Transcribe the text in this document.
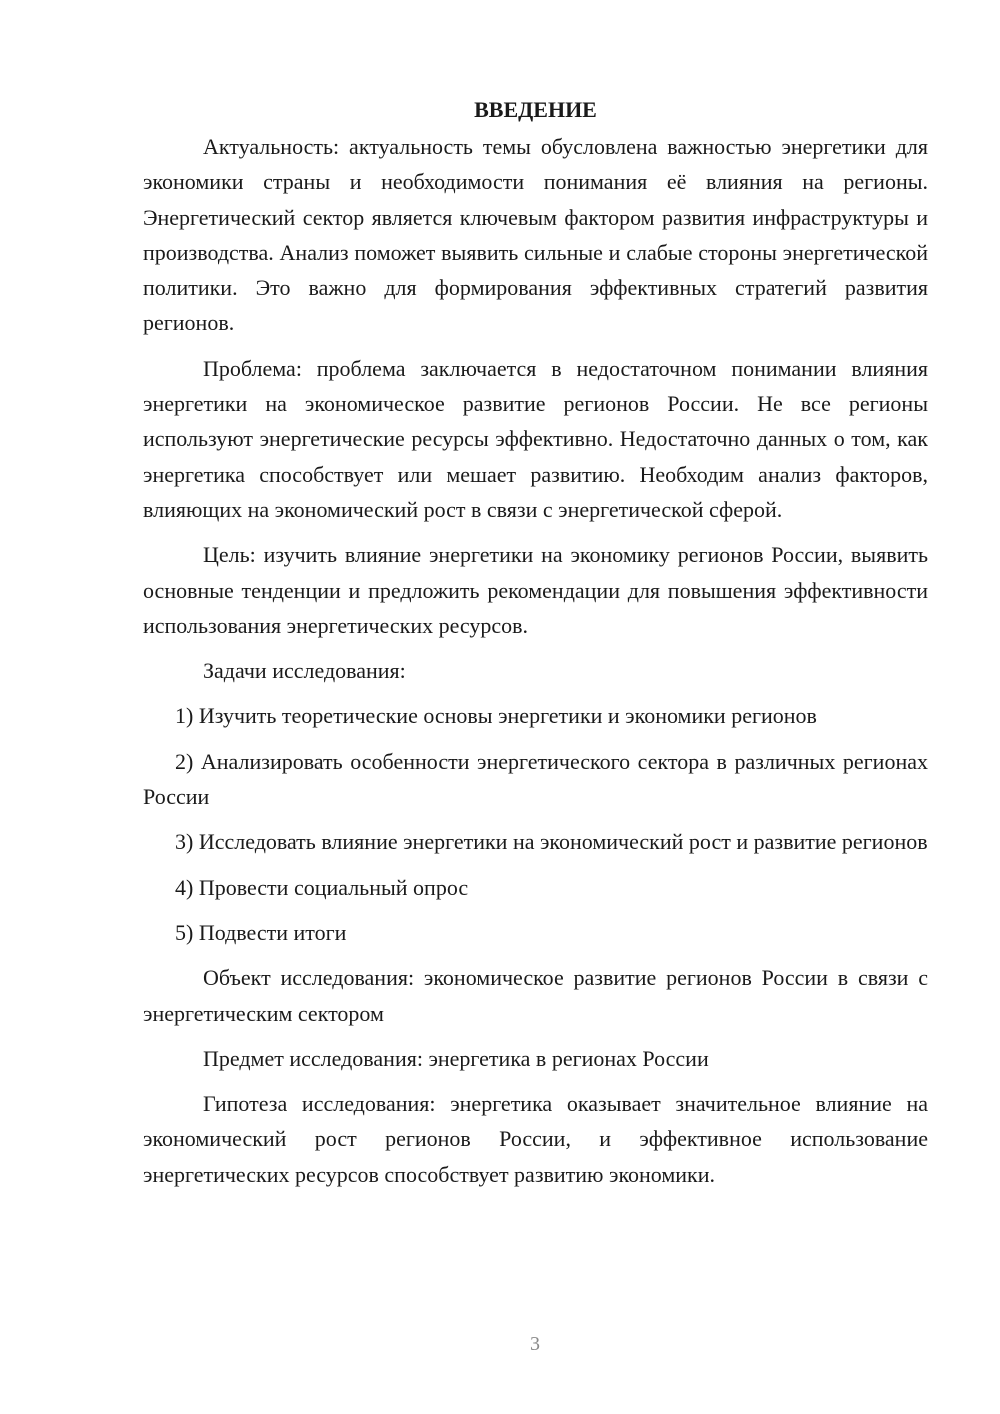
ВВЕДЕНИЕ

Актуальность: актуальность темы обусловлена важностью энергетики для экономики страны и необходимости понимания её влияния на регионы. Энергетический сектор является ключевым фактором развития инфраструктуры и производства. Анализ поможет выявить сильные и слабые стороны энергетической политики. Это важно для формирования эффективных стратегий развития регионов.

Проблема: проблема заключается в недостаточном понимании влияния энергетики на экономическое развитие регионов России. Не все регионы используют энергетические ресурсы эффективно. Недостаточно данных о том, как энергетика способствует или мешает развитию. Необходим анализ факторов, влияющих на экономический рост в связи с энергетической сферой.

Цель: изучить влияние энергетики на экономику регионов России, выявить основные тенденции и предложить рекомендации для повышения эффективности использования энергетических ресурсов.

Задачи исследования:

1) Изучить теоретические основы энергетики и экономики регионов

2) Анализировать особенности энергетического сектора в различных регионах России

3) Исследовать влияние энергетики на экономический рост и развитие регионов

4) Провести социальный опрос

5) Подвести итоги

Объект исследования: экономическое развитие регионов России в связи с энергетическим сектором

Предмет исследования: энергетика в регионах России

Гипотеза исследования: энергетика оказывает значительное влияние на экономический рост регионов России, и эффективное использование энергетических ресурсов способствует развитию экономики.

3
